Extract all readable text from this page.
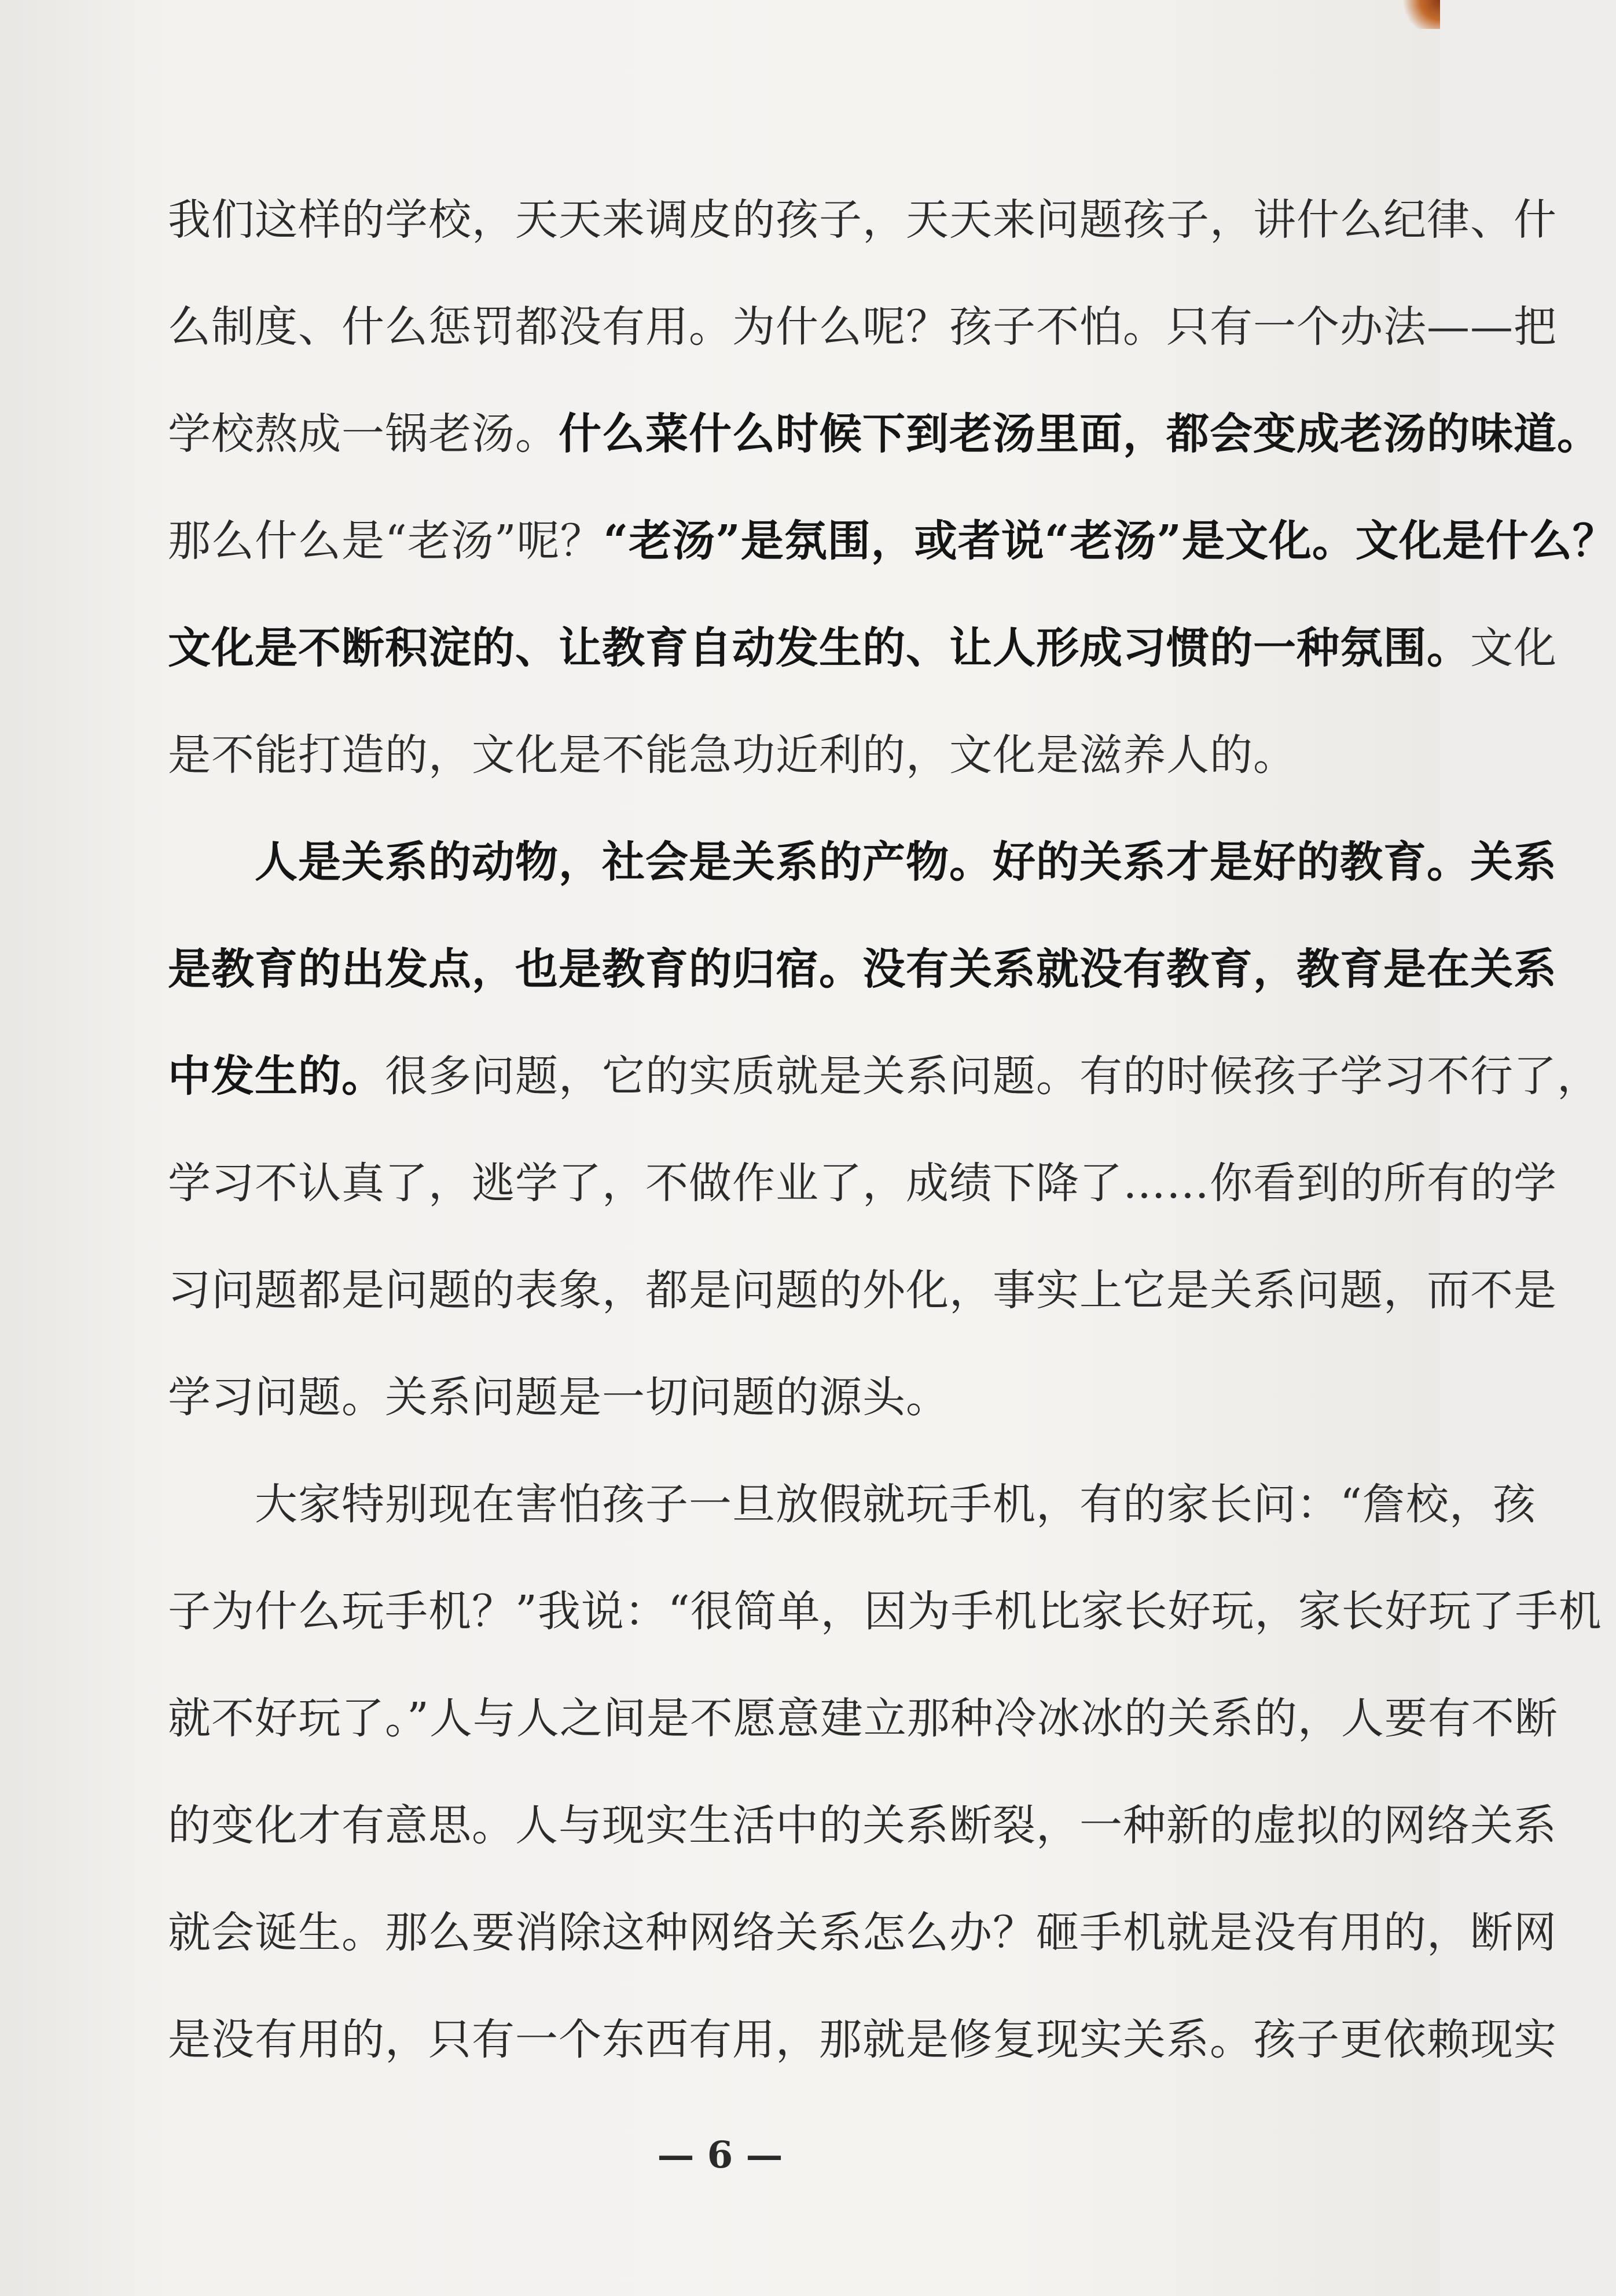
我们这样的学校，天天来调皮的孩子，天天来问题孩子，讲什么纪律、什
么制度、什么惩罚都没有用。为什么呢？孩子不怕。只有一个办法——把
学校熬成一锅老汤。什么菜什么时候下到老汤里面，都会变成老汤的味道。
那么什么是“老汤”呢？“老汤”是氛围，或者说“老汤”是文化。文化是什么？
文化是不断积淀的、让教育自动发生的、让人形成习惯的一种氛围。文化
是不能打造的，文化是不能急功近利的，文化是滋养人的。
人是关系的动物，社会是关系的产物。好的关系才是好的教育。关系
是教育的出发点，也是教育的归宿。没有关系就没有教育，教育是在关系
中发生的。很多问题，它的实质就是关系问题。有的时候孩子学习不行了，
学习不认真了，逃学了，不做作业了，成绩下降了……你看到的所有的学
习问题都是问题的表象，都是问题的外化，事实上它是关系问题，而不是
学习问题。关系问题是一切问题的源头。
大家特别现在害怕孩子一旦放假就玩手机，有的家长问：“詹校，孩
子为什么玩手机？”我说：“很简单，因为手机比家长好玩，家长好玩了手机
就不好玩了。”人与人之间是不愿意建立那种冷冰冰的关系的，人要有不断
的变化才有意思。人与现实生活中的关系断裂，一种新的虚拟的网络关系
就会诞生。那么要消除这种网络关系怎么办？砸手机就是没有用的，断网
是没有用的，只有一个东西有用，那就是修复现实关系。孩子更依赖现实
— 6 —
